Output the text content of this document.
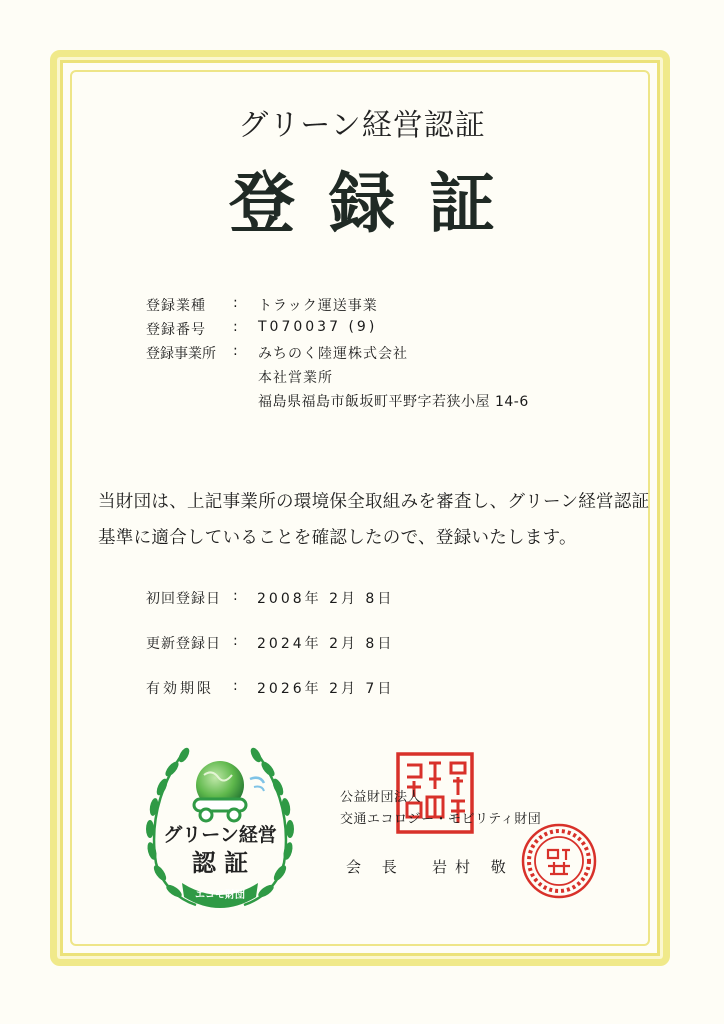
グリーン経営認証
登録証
登録業種	: トラック運送事業
登録番号	: T070037 (9)
登録事業所	: みちのく陸運株式会社
本社営業所
福島県福島市飯坂町平野字若狭小屋 14-6
当財団は、上記事業所の環境保全取組みを審査し、グリーン経営認証基準に適合していることを確認したので、登録いたします。
初回登録日 : 2008年 2月 8日
更新登録日 : 2024年 2月 8日
有効期限 : 2026年 2月 7日
グリーン経営
認 証
エコモ財団
公益財団法人
交通エコロジー・モビリティ財団
会 長 岩村 敬
